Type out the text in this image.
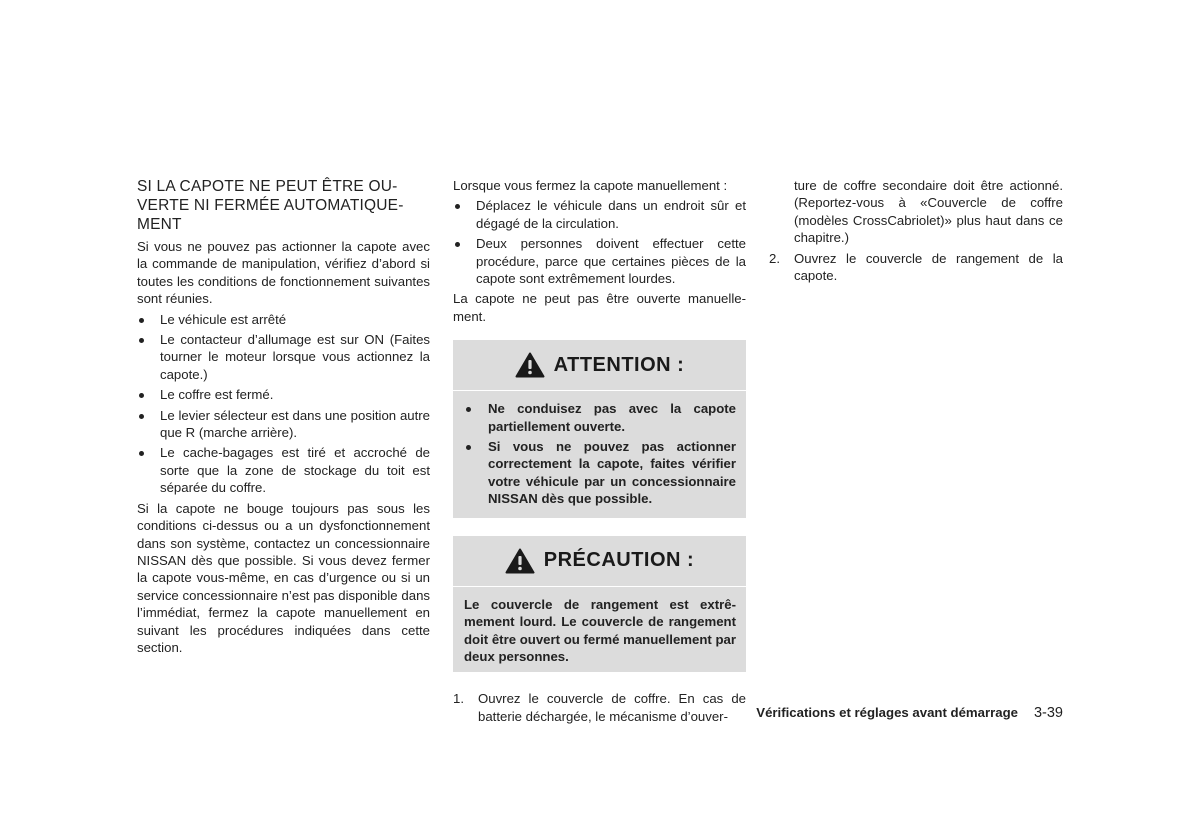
SI LA CAPOTE NE PEUT ÊTRE OU-
VERTE NI FERMÉE AUTOMATIQUE-
MENT

Si vous ne pouvez pas actionner la capote avec la commande de manipulation, vérifiez d’abord si toutes les conditions de fonctionnement suivantes sont réunies.

Le véhicule est arrêté
Le contacteur d’allumage est sur ON (Faites tourner le moteur lorsque vous actionnez la capote.)
Le coffre est fermé.
Le levier sélecteur est dans une position autre que R (marche arrière).
Le cache-bagages est tiré et accroché de sorte que la zone de stockage du toit est séparée du coffre.

Si la capote ne bouge toujours pas sous les conditions ci-dessus ou a un dysfonctionnement dans son système, contactez un concessionnaire NISSAN dès que possible. Si vous devez fermer la capote vous-même, en cas d’urgence ou si un service concessionnaire n’est pas disponible dans l’immédiat, fermez la capote manuellement en suivant les procédures indiquées dans cette section.

Lorsque vous fermez la capote manuellement :

Déplacez le véhicule dans un endroit sûr et dégagé de la circulation.
Deux personnes doivent effectuer cette procédure, parce que certaines pièces de la capote sont extrêmement lourdes.

La capote ne peut pas être ouverte manuellement.

ATTENTION :
Ne conduisez pas avec la capote partiellement ouverte.
Si vous ne pouvez pas actionner correctement la capote, faites vérifier votre véhicule par un concessionnaire NISSAN dès que possible.
PRÉCAUTION :

Le couvercle de rangement est extrêmement lourd. Le couvercle de rangement doit être ouvert ou fermé manuellement par deux personnes.

1. Ouvrez le couvercle de coffre. En cas de batterie déchargée, le mécanisme d’ouver-
ture de coffre secondaire doit être actionné. (Reportez-vous à «Couvercle de coffre (modèles CrossCabriolet)» plus haut dans ce chapitre.)
2. Ouvrez le couvercle de rangement de la capote.
Vérifications et réglages avant démarrage 3-39
